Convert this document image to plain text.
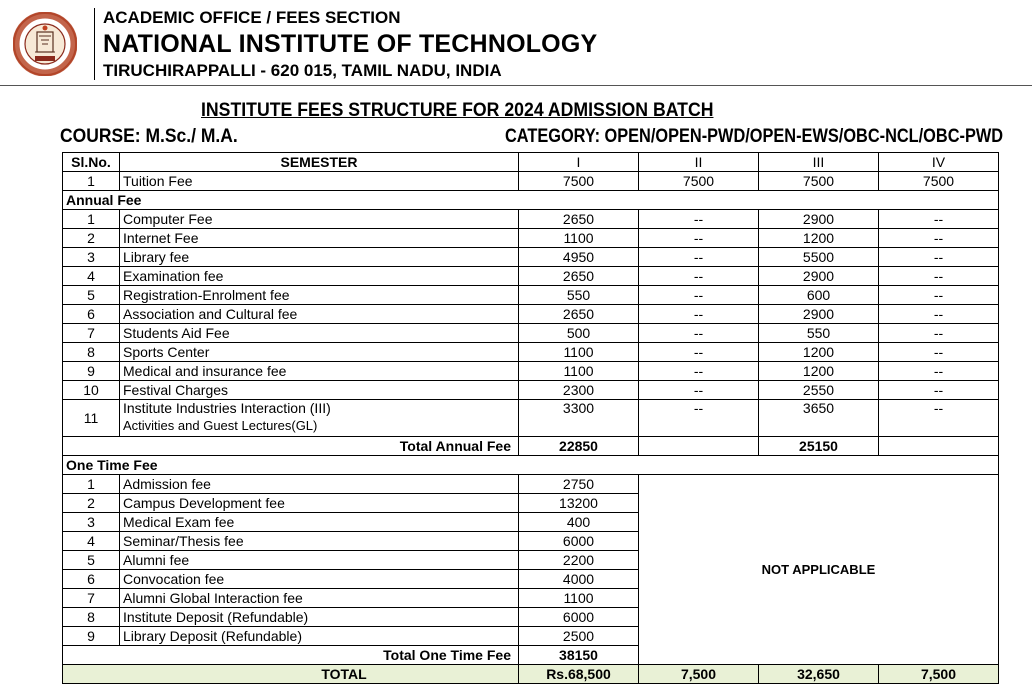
ACADEMIC OFFICE / FEES SECTION
NATIONAL INSTITUTE OF TECHNOLOGY
TIRUCHIRAPPALLI - 620 015, TAMIL NADU, INDIA
INSTITUTE FEES STRUCTURE FOR 2024 ADMISSION BATCH
COURSE: M.Sc./ M.A.	CATEGORY: OPEN/OPEN-PWD/OPEN-EWS/OBC-NCL/OBC-PWD
Sl.No.	SEMESTER	I	II	III	IV
1	Tuition Fee	7500	7500	7500	7500
Annual Fee					
1	Computer Fee	2650	--	2900	--
2	Internet Fee	1100	--	1200	--
3	Library fee	4950	--	5500	--
4	Examination fee	2650	--	2900	--
5	Registration-Enrolment fee	550	--	600	--
6	Association and Cultural fee	2650	--	2900	--
7	Students Aid Fee	500	--	550	--
8	Sports Center	1100	--	1200	--
9	Medical and insurance fee	1100	--	1200	--
10	Festival Charges	2300	--	2550	--
11	Institute Industries Interaction (III)
Activities and Guest Lectures(GL)	3300	--	3650	--
Total Annual Fee		22850		25150	
One Time Fee					
1	Admission fee	2750	NOT APPLICABLE		
2	Campus Development fee	13200			
3	Medical Exam fee	400			
4	Seminar/Thesis fee	6000			
5	Alumni fee	2200			
6	Convocation fee	4000			
7	Alumni Global Interaction fee	1100			
8	Institute Deposit (Refundable)	6000			
9	Library Deposit (Refundable)	2500			
Total One Time Fee		38150			
TOTAL		Rs.68,500	7,500	32,650	7,500
